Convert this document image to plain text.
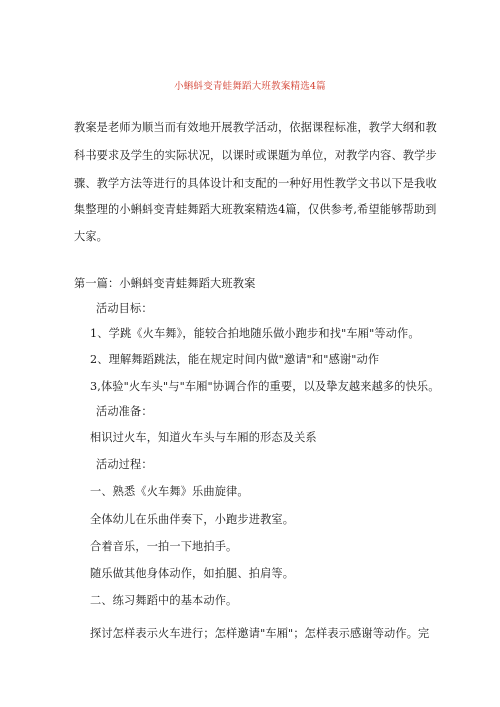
小蝌蚪变青蛙舞蹈大班教案精选4篇
教案是老师为顺当而有效地开展教学活动，依据课程标准，教学大纲和教
科书要求及学生的实际状况，以课时或课题为单位，对教学内容、教学步
骤、教学方法等进行的具体设计和支配的一种好用性教学文书以下是我收
集整理的小蝌蚪变青蛙舞蹈大班教案精选4篇，仅供参考,希望能够帮助到
大家。
第一篇：小蝌蚪变青蛙舞蹈大班教案
活动目标：
1、学跳《火车舞》，能较合拍地随乐做小跑步和找"车厢"等动作。
2、理解舞蹈跳法，能在规定时间内做"邀请"和"感谢"动作
3,体验"火车头"与"车厢"协调合作的重要，以及挚友越来越多的快乐。
活动准备：
相识过火车，知道火车头与车厢的形态及关系
活动过程：
一、熟悉《火车舞》乐曲旋律。
全体幼儿在乐曲伴奏下，小跑步进教室。
合着音乐，一拍一下地拍手。
随乐做其他身体动作，如拍腿、拍肩等。
二、练习舞蹈中的基本动作。
探讨怎样表示火车进行；怎样邀请"车厢"；怎样表示感谢等动作。完
